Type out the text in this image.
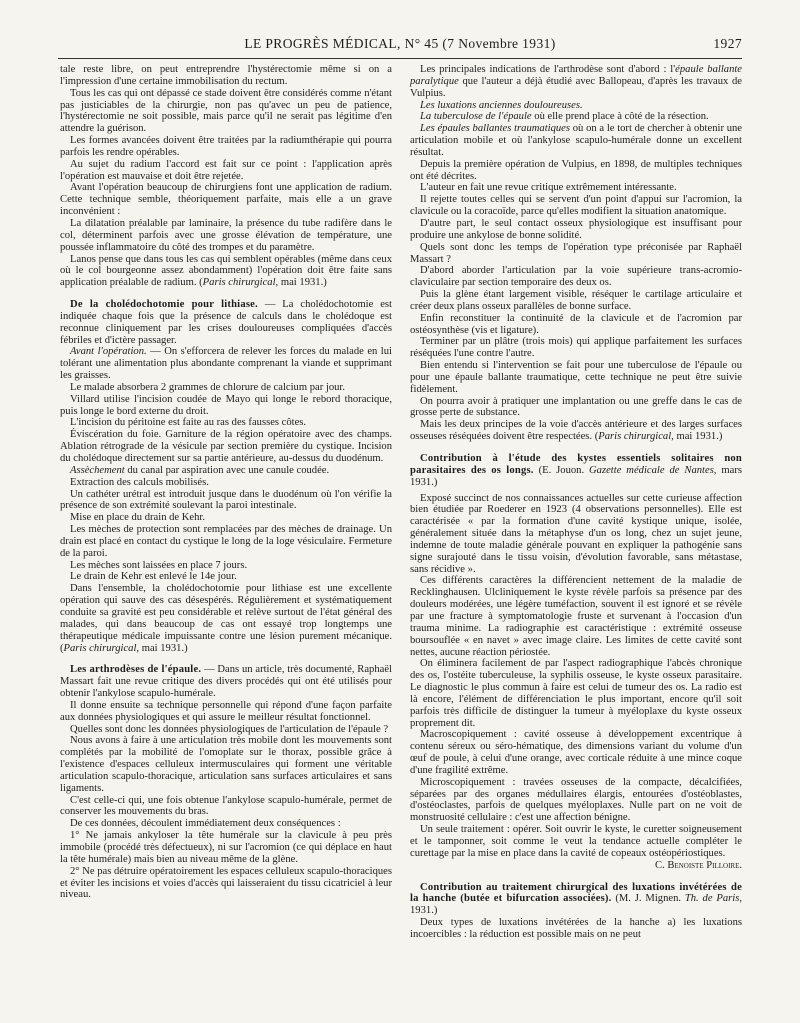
LE PROGRÈS MÉDICAL, N° 45 (7 Novembre 1931)	1927

tale reste libre, on peut entreprendre l'hystérectomie même si on a l'impression d'une certaine immobilisation du rectum.

Tous les cas qui ont dépassé ce stade doivent être considérés comme n'étant pas justiciables de la chirurgie, non pas qu'avec un peu de patience, l'hystérectomie ne soit possible, mais parce qu'il ne serait pas légitime d'en attendre la guérison.

Les formes avancées doivent être traitées par la radiumthérapie qui pourra parfois les rendre opérables.

Au sujet du radium l'accord est fait sur ce point : l'application après l'opération est mauvaise et doit être rejetée.

Avant l'opération beaucoup de chirurgiens font une application de radium. Cette technique semble, théoriquement parfaite, mais elle a un grave inconvénient :

La dilatation préalable par laminaire, la présence du tube radifère dans le col, déterminent parfois avec une grosse élévation de température, une poussée inflammatoire du côté des trompes et du paramètre.

Lanos pense que dans tous les cas qui semblent opérables (même dans ceux où le col bourgeonne assez abondamment) l'opération doit être faite sans application préalable de radium. (Paris chirurgical, mai 1931.)

De la cholédochotomie pour lithiase. — La cholédochotomie est indiquée chaque fois que la présence de calculs dans le cholédoque est reconnue cliniquement par les crises douloureuses compliquées d'accès fébriles et d'ictère passager.

Avant l'opération. — On s'efforcera de relever les forces du malade en lui tolérant une alimentation plus abondante comprenant la viande et supprimant les graisses.

Le malade absorbera 2 grammes de chlorure de calcium par jour.

Villard utilise l'incision coudée de Mayo qui longe le rebord thoracique, puis longe le bord externe du droit.

L'incision du péritoine est faite au ras des fausses côtes.

Éviscération du foie. Garniture de la région opératoire avec des champs. Ablation rétrograde de la vésicule par section première du cystique. Incision du cholédoque directement sur sa partie antérieure, au-dessus du duodénum.

Assèchement du canal par aspiration avec une canule coudée.

Extraction des calculs mobilisés.

Un cathéter urétral est introduit jusque dans le duodénum où l'on vérifie la présence de son extrémité soulevant la paroi intestinale.

Mise en place du drain de Kehr.

Les mèches de protection sont remplacées par des mèches de drainage. Un drain est placé en contact du cystique le long de la loge vésiculaire. Fermeture de la paroi.

Les mèches sont laissées en place 7 jours.

Le drain de Kehr est enlevé le 14e jour.

Dans l'ensemble, la cholédochotomie pour lithiase est une excellente opération qui sauve des cas désespérés. Régulièrement et systématiquement conduite sa gravité est peu considérable et relève surtout de l'état général des malades, qui dans beaucoup de cas ont essayé trop longtemps une thérapeutique médicale impuissante contre une lésion purement mécanique. (Paris chirurgical, mai 1931.)

Les arthrodèses de l'épaule. — Dans un article, très documenté, Raphaël Massart fait une revue critique des divers procédés qui ont été utilisés pour obtenir l'ankylose scapulo-humérale.

Il donne ensuite sa technique personnelle qui répond d'une façon parfaite aux données physiologiques et qui assure le meilleur résultat fonctionnel.

Quelles sont donc les données physiologiques de l'articulation de l'épaule ?

Nous avons à faire à une articulation très mobile dont les mouvements sont complétés par la mobilité de l'omoplate sur le thorax, possible grâce à l'existence d'espaces celluleux intermusculaires qui forment une véritable articulation scapulo-thoracique, articulation sans surfaces articulaires et sans ligaments.

C'est celle-ci qui, une fois obtenue l'ankylose scapulo-humérale, permet de conserver les mouvements du bras.

De ces données, découlent immédiatement deux conséquences :

1° Ne jamais ankyloser la tête humérale sur la clavicule à peu près immobile (procédé très défectueux), ni sur l'acromion (ce qui déplace en haut la tête humérale) mais bien au niveau même de la glène.

2° Ne pas détruire opératoirement les espaces celluleux scapulo-thoraciques et éviter les incisions et voies d'accès qui laisseraient du tissu cicatriciel à leur niveau.

Les principales indications de l'arthrodèse sont d'abord : l'épaule ballante paralytique que l'auteur a déjà étudié avec Ballopeau, d'après les travaux de Vulpius.

Les luxations anciennes douloureuses.

La tuberculose de l'épaule où elle prend place à côté de la résection.

Les épaules ballantes traumatiques où on a le tort de chercher à obtenir une articulation mobile et où l'ankylose scapulo-humérale donne un excellent résultat.

Depuis la première opération de Vulpius, en 1898, de multiples techniques ont été décrites.

L'auteur en fait une revue critique extrêmement intéressante.

Il rejette toutes celles qui se servent d'un point d'appui sur l'acromion, la clavicule ou la coracoïde, parce qu'elles modifient la situation anatomique.

D'autre part, le seul contact osseux physiologique est insuffisant pour produire une ankylose de bonne solidité.

Quels sont donc les temps de l'opération type préconisée par Raphaël Massart ?

D'abord aborder l'articulation par la voie supérieure trans-acromio-claviculaire par section temporaire des deux os.

Puis la glène étant largement visible, réséquer le cartilage articulaire et créer deux plans osseux parallèles de bonne surface.

Enfin reconstituer la continuité de la clavicule et de l'acromion par ostéosynthèse (vis et ligature).

Terminer par un plâtre (trois mois) qui applique parfaitement les surfaces réséquées l'une contre l'autre.

Bien entendu si l'intervention se fait pour une tuberculose de l'épaule ou pour une épaule ballante traumatique, cette technique ne peut être suivie fidèlement.

On pourra avoir à pratiquer une implantation ou une greffe dans le cas de grosse perte de substance.

Mais les deux principes de la voie d'accès antérieure et des larges surfaces osseuses réséquées doivent être respectées. (Paris chirurgical, mai 1931.)

Contribution à l'étude des kystes essentiels solitaires non parasitaires des os longs. (E. Jouon. Gazette médicale de Nantes, mars 1931.)

Exposé succinct de nos connaissances actuelles sur cette curieuse affection bien étudiée par Roederer en 1923 (4 observations personnelles). Elle est caractérisée « par la formation d'une cavité kystique unique, isolée, généralement située dans la métaphyse d'un os long, chez un sujet jeune, indemne de toute maladie générale pouvant en expliquer la pathogénie sans signe surajouté dans le tissu voisin, d'évolution favorable, sans métastase, sans récidive ».

Ces différents caractères la différencient nettement de la maladie de Recklinghausen. Ulcliniquement le kyste révèle parfois sa présence par des douleurs modérées, une légère tuméfaction, souvent il est ignoré et se révèle par une fracture à symptomatologie fruste et survenant à l'occasion d'un trauma minime. La radiographie est caractéristique : extrémité osseuse boursouflée « en navet » avec image claire. Les limites de cette cavité sont nettes, aucune réaction périostée.

On éliminera facilement de par l'aspect radiographique l'abcès chronique des os, l'ostéite tuberculeuse, la syphilis osseuse, le kyste osseux parasitaire. Le diagnostic le plus commun à faire est celui de tumeur des os. La radio est là encore, l'élément de différenciation le plus important, encore qu'il soit parfois très difficile de distinguer la tumeur à myéloplaxe du kyste osseux proprement dit.

Macroscopiquement : cavité osseuse à développement excentrique à contenu séreux ou séro-hématique, des dimensions variant du volume d'un œuf de poule, à celui d'une orange, avec corticale réduite à une mince coque d'une fragilité extrême.

Microscopiquement : travées osseuses de la compacte, décalcifiées, séparées par des organes médullaires élargis, entourées d'ostéoblastes, d'ostéoclastes, parfois de quelques myéloplaxes. Nulle part on ne voit de monstruosité cellulaire : c'est une affection bénigne.

Un seule traitement : opérer. Soit ouvrir le kyste, le curetter soigneusement et le tamponner, soit comme le veut la tendance actuelle compléter le curettage par la mise en place dans la cavité de copeaux ostéopériostiques.

C. Benoiste Pilloire.

Contribution au traitement chirurgical des luxations invétérées de la hanche (butée et bifurcation associées). (M. J. Mignen. Th. de Paris, 1931.)

Deux types de luxations invétérées de la hanche a) les luxations incoercibles : la réduction est possible mais on ne peut
